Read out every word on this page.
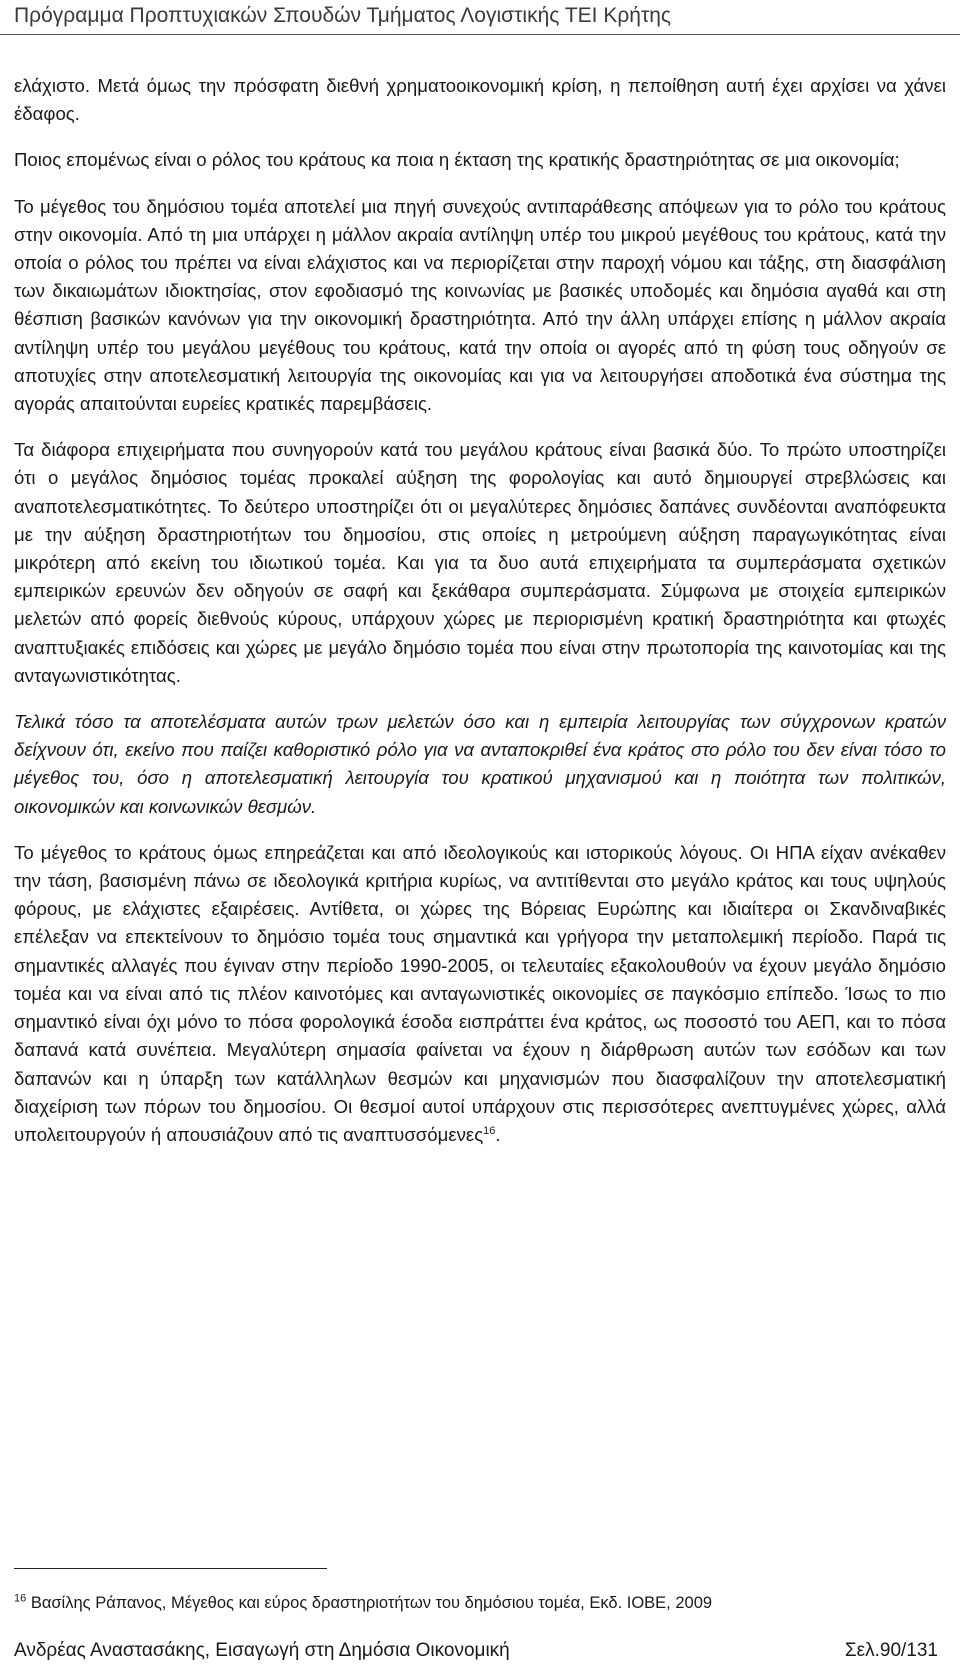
Πρόγραμμα Προπτυχιακών Σπουδών Τμήματος Λογιστικής ΤΕΙ Κρήτης

ελάχιστο. Μετά όμως την πρόσφατη διεθνή χρηματοοικονομική κρίση, η πεποίθηση αυτή έχει αρχίσει να χάνει έδαφος.

Ποιος επομένως είναι ο ρόλος του κράτους κα ποια η έκταση της κρατικής δραστηριότητας σε μια οικονομία;

Το μέγεθος του δημόσιου τομέα αποτελεί μια πηγή συνεχούς αντιπαράθεσης απόψεων για το ρόλο του κράτους στην οικονομία. Από τη μια υπάρχει η μάλλον ακραία αντίληψη υπέρ του μικρού μεγέθους του κράτους, κατά την οποία ο ρόλος του πρέπει να είναι ελάχιστος και να περιορίζεται στην παροχή νόμου και τάξης, στη διασφάλιση των δικαιωμάτων ιδιοκτησίας, στον εφοδιασμό της κοινωνίας με βασικές υποδομές και δημόσια αγαθά και στη θέσπιση βασικών κανόνων για την οικονομική δραστηριότητα. Από την άλλη υπάρχει επίσης η μάλλον ακραία αντίληψη υπέρ του μεγάλου μεγέθους του κράτους, κατά την οποία οι αγορές από τη φύση τους οδηγούν σε αποτυχίες στην αποτελεσματική λειτουργία της οικονομίας και για να λειτουργήσει αποδοτικά ένα σύστημα της αγοράς απαιτούνται ευρείες κρατικές παρεμβάσεις.

Τα διάφορα επιχειρήματα που συνηγορούν κατά του μεγάλου κράτους είναι βασικά δύο. Το πρώτο υποστηρίζει ότι ο μεγάλος δημόσιος τομέας προκαλεί αύξηση της φορολογίας και αυτό δημιουργεί στρεβλώσεις και αναποτελεσματικότητες. Το δεύτερο υποστηρίζει ότι οι μεγαλύτερες δημόσιες δαπάνες συνδέονται αναπόφευκτα με την αύξηση δραστηριοτήτων του δημοσίου, στις οποίες η μετρούμενη αύξηση παραγωγικότητας είναι μικρότερη από εκείνη του ιδιωτικού τομέα. Και για τα δυο αυτά επιχειρήματα τα συμπεράσματα σχετικών εμπειρικών ερευνών δεν οδηγούν σε σαφή και ξεκάθαρα συμπεράσματα. Σύμφωνα με στοιχεία εμπειρικών μελετών από φορείς διεθνούς κύρους, υπάρχουν χώρες με περιορισμένη κρατική δραστηριότητα και φτωχές αναπτυξιακές επιδόσεις και χώρες με μεγάλο δημόσιο τομέα που είναι στην πρωτοπορία της καινοτομίας και της ανταγωνιστικότητας.

Τελικά τόσο τα αποτελέσματα αυτών τρων μελετών όσο και η εμπειρία λειτουργίας των σύγχρονων κρατών δείχνουν ότι, εκείνο που παίζει καθοριστικό ρόλο για να ανταποκριθεί ένα κράτος στο ρόλο του δεν είναι τόσο το μέγεθος του, όσο η αποτελεσματική λειτουργία του κρατικού μηχανισμού και η ποιότητα των πολιτικών, οικονομικών και κοινωνικών θεσμών.

Το μέγεθος το κράτους όμως επηρεάζεται και από ιδεολογικούς και ιστορικούς λόγους. Οι ΗΠΑ είχαν ανέκαθεν την τάση, βασισμένη πάνω σε ιδεολογικά κριτήρια κυρίως, να αντιτίθενται στο μεγάλο κράτος και τους υψηλούς φόρους, με ελάχιστες εξαιρέσεις. Αντίθετα, οι χώρες της Βόρειας Ευρώπης και ιδιαίτερα οι Σκανδιναβικές επέλεξαν να επεκτείνουν το δημόσιο τομέα τους σημαντικά και γρήγορα την μεταπολεμική περίοδο. Παρά τις σημαντικές αλλαγές που έγιναν στην περίοδο 1990-2005, οι τελευταίες εξακολουθούν να έχουν μεγάλο δημόσιο τομέα και να είναι από τις πλέον καινοτόμες και ανταγωνιστικές οικονομίες σε παγκόσμιο επίπεδο. Ίσως το πιο σημαντικό είναι όχι μόνο το πόσα φορολογικά έσοδα εισπράττει ένα κράτος, ως ποσοστό του ΑΕΠ, και το πόσα δαπανά κατά συνέπεια. Μεγαλύτερη σημασία φαίνεται να έχουν η διάρθρωση αυτών των εσόδων και των δαπανών και η ύπαρξη των κατάλληλων θεσμών και μηχανισμών που διασφαλίζουν την αποτελεσματική διαχείριση των πόρων του δημοσίου. Οι θεσμοί αυτοί υπάρχουν στις περισσότερες ανεπτυγμένες χώρες, αλλά υπολειτουργούν ή απουσιάζουν από τις αναπτυσσόμενες$^{16}$.

$^{16}$ Βασίλης Ράπανος, Μέγεθος και εύρος δραστηριοτήτων του δημόσιου τομέα, Εκδ. ΙΟΒΕ, 2009
Ανδρέας Αναστασάκης, Εισαγωγή στη Δημόσια Οικονομική	Σελ.90/131
